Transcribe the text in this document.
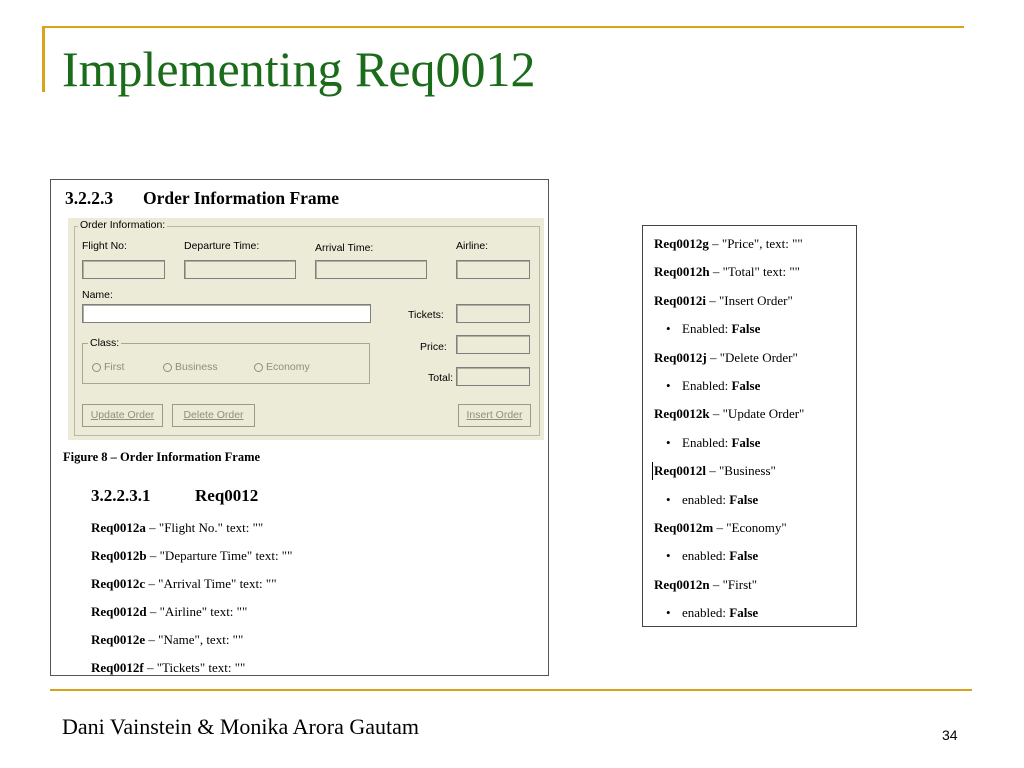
Implementing Req0012
3.2.2.3 Order Information Frame
Order Information:
Flight No:	Departure Time:	Arrival Time:	Airline:
Name:
Tickets:
Price:
Total:
Class:
First	Business	Economy
Update Order	Delete Order	Insert Order
Figure 8 – Order Information Frame
3.2.2.3.1	Req0012
Req0012a – "Flight No." text: ""
Req0012b – "Departure Time" text: ""
Req0012c – "Arrival Time" text: ""
Req0012d – "Airline" text: ""
Req0012e – "Name", text: ""
Req0012f – "Tickets" text: ""
Req0012g – "Price", text: ""
Req0012h – "Total" text: ""
Req0012i – "Insert Order"
• Enabled: False
Req0012j – "Delete Order"
• Enabled: False
Req0012k – "Update Order"
• Enabled: False
Req0012l – "Business"
• enabled: False
Req0012m – "Economy"
• enabled: False
Req0012n – "First"
• enabled: False
Dani Vainstein & Monika Arora Gautam	34
